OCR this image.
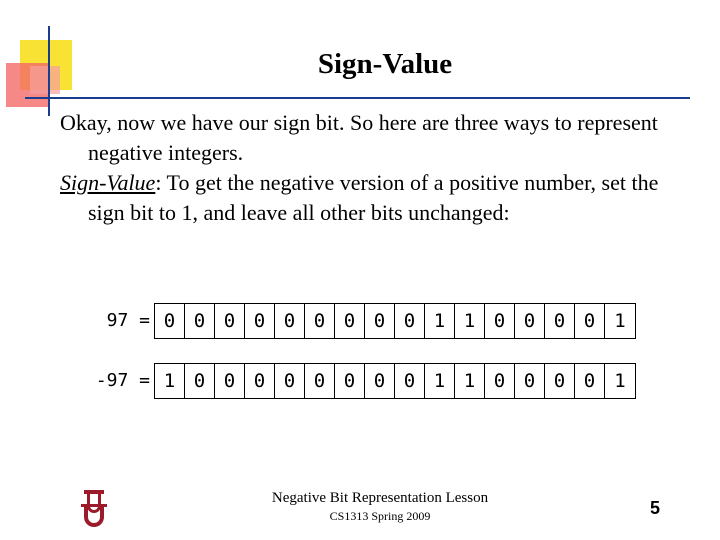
Sign-Value

Okay, now we have our sign bit. So here are three ways to represent negative integers.

Sign-Value: To get the negative version of a positive number, set the sign bit to 1, and leave all other bits unchanged:

97 = 0 0 0 0 0 0 0 0 0 1 1 0 0 0 0	1
-97 = 1 0 0 0 0 0 0 0 0 1 1 0 0 0 0	1
Negative Bit Representation Lesson
CS1313 Spring 2009	5
